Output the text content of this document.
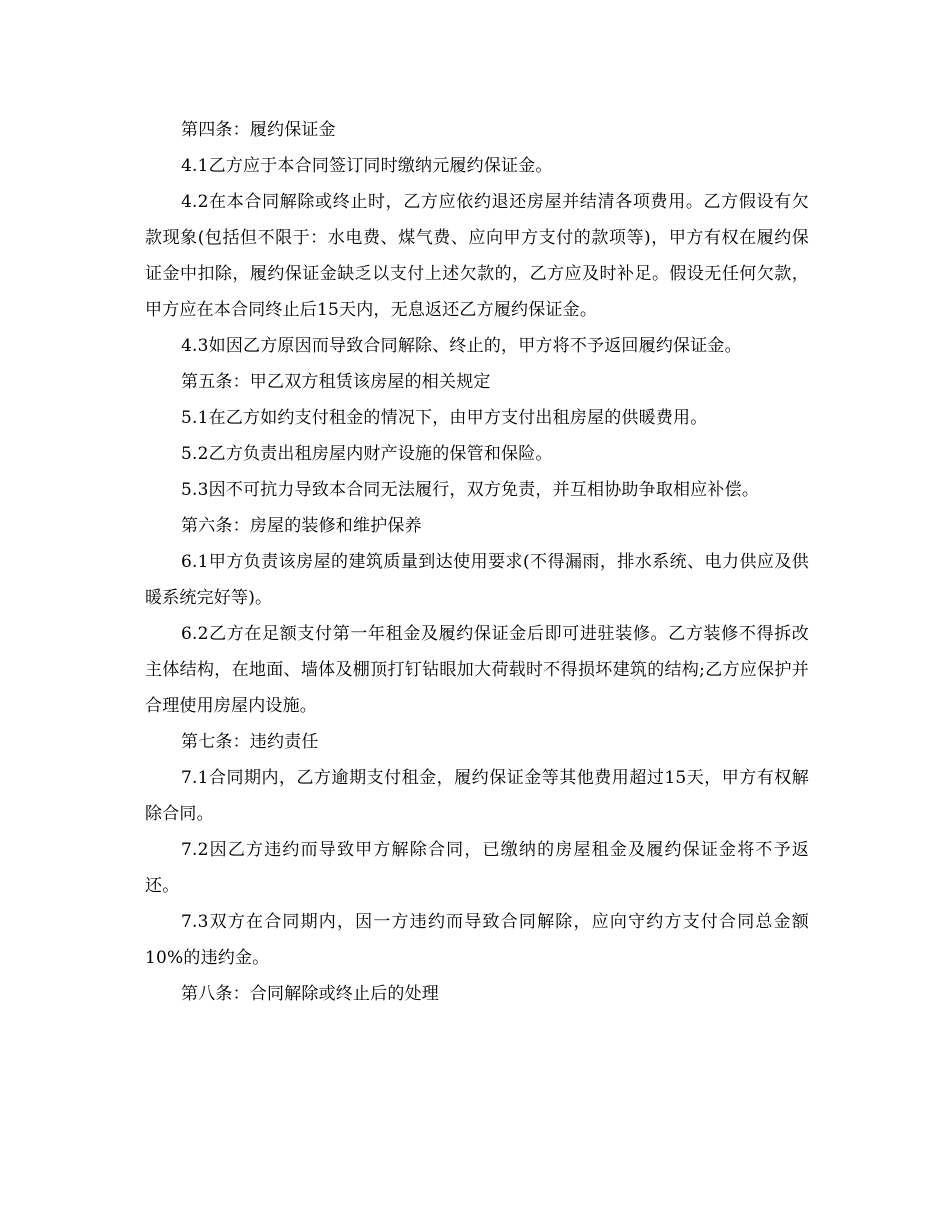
第四条：履约保证金

4.1乙方应于本合同签订同时缴纳元履约保证金。

4.2在本合同解除或终止时，乙方应依约退还房屋并结清各项费用。乙方假设有欠款现象(包括但不限于：水电费、煤气费、应向甲方支付的款项等)，甲方有权在履约保证金中扣除，履约保证金缺乏以支付上述欠款的，乙方应及时补足。假设无任何欠款，甲方应在本合同终止后15天内，无息返还乙方履约保证金。

4.3如因乙方原因而导致合同解除、终止的，甲方将不予返回履约保证金。

第五条：甲乙双方租赁该房屋的相关规定

5.1在乙方如约支付租金的情况下，由甲方支付出租房屋的供暖费用。

5.2乙方负责出租房屋内财产设施的保管和保险。

5.3因不可抗力导致本合同无法履行，双方免责，并互相协助争取相应补偿。

第六条：房屋的装修和维护保养

6.1甲方负责该房屋的建筑质量到达使用要求(不得漏雨，排水系统、电力供应及供暖系统完好等)。

6.2乙方在足额支付第一年租金及履约保证金后即可进驻装修。乙方装修不得拆改主体结构，在地面、墙体及棚顶打钉钻眼加大荷载时不得损坏建筑的结构;乙方应保护并合理使用房屋内设施。

第七条：违约责任

7.1合同期内，乙方逾期支付租金，履约保证金等其他费用超过15天，甲方有权解除合同。

7.2因乙方违约而导致甲方解除合同，已缴纳的房屋租金及履约保证金将不予返还。

7.3双方在合同期内，因一方违约而导致合同解除，应向守约方支付合同总金额10%的违约金。

第八条：合同解除或终止后的处理
